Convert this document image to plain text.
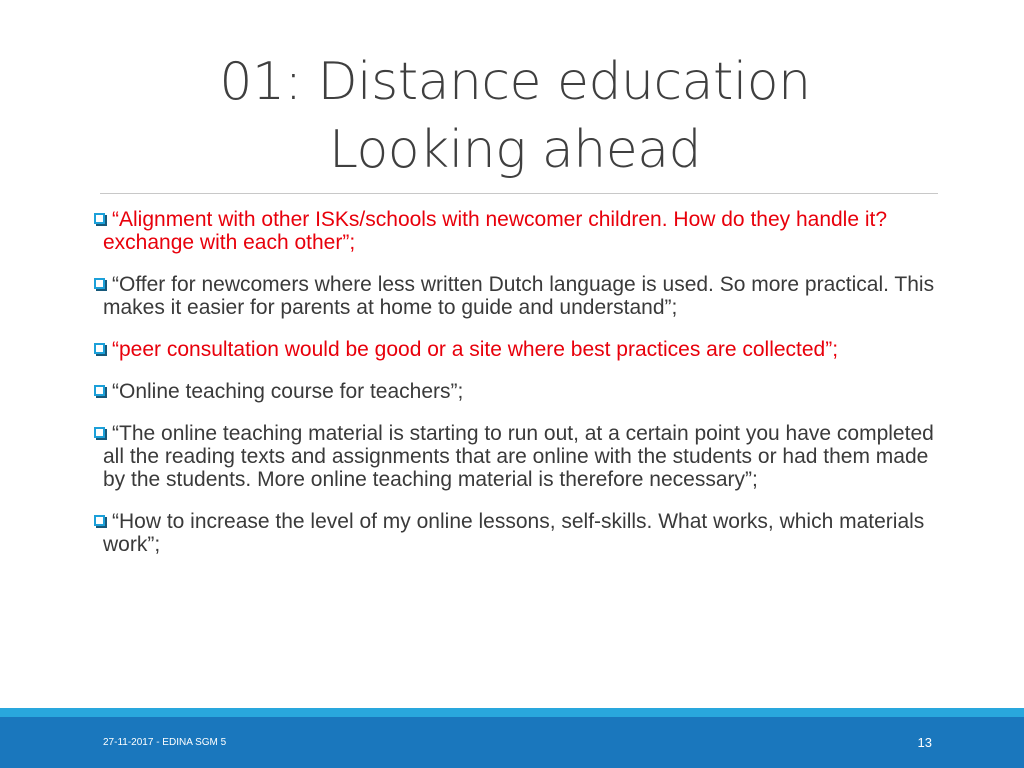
01: Distance education
Looking ahead
“Alignment with other ISKs/schools with newcomer children. How do they handle it? exchange with each other”;
“Offer for newcomers where less written Dutch language is used. So more practical. This makes it easier for parents at home to guide and understand”;
“peer consultation would be good or a site where best practices are collected”;
“Online teaching course for teachers”;
“The online teaching material is starting to run out, at a certain point you have completed all the reading texts and assignments that are online with the students or had them made by the students. More online teaching material is therefore necessary”;
“How to increase the level of my online lessons, self-skills. What works, which materials work”;
27-11-2017 - EDINA SGM 5	13
